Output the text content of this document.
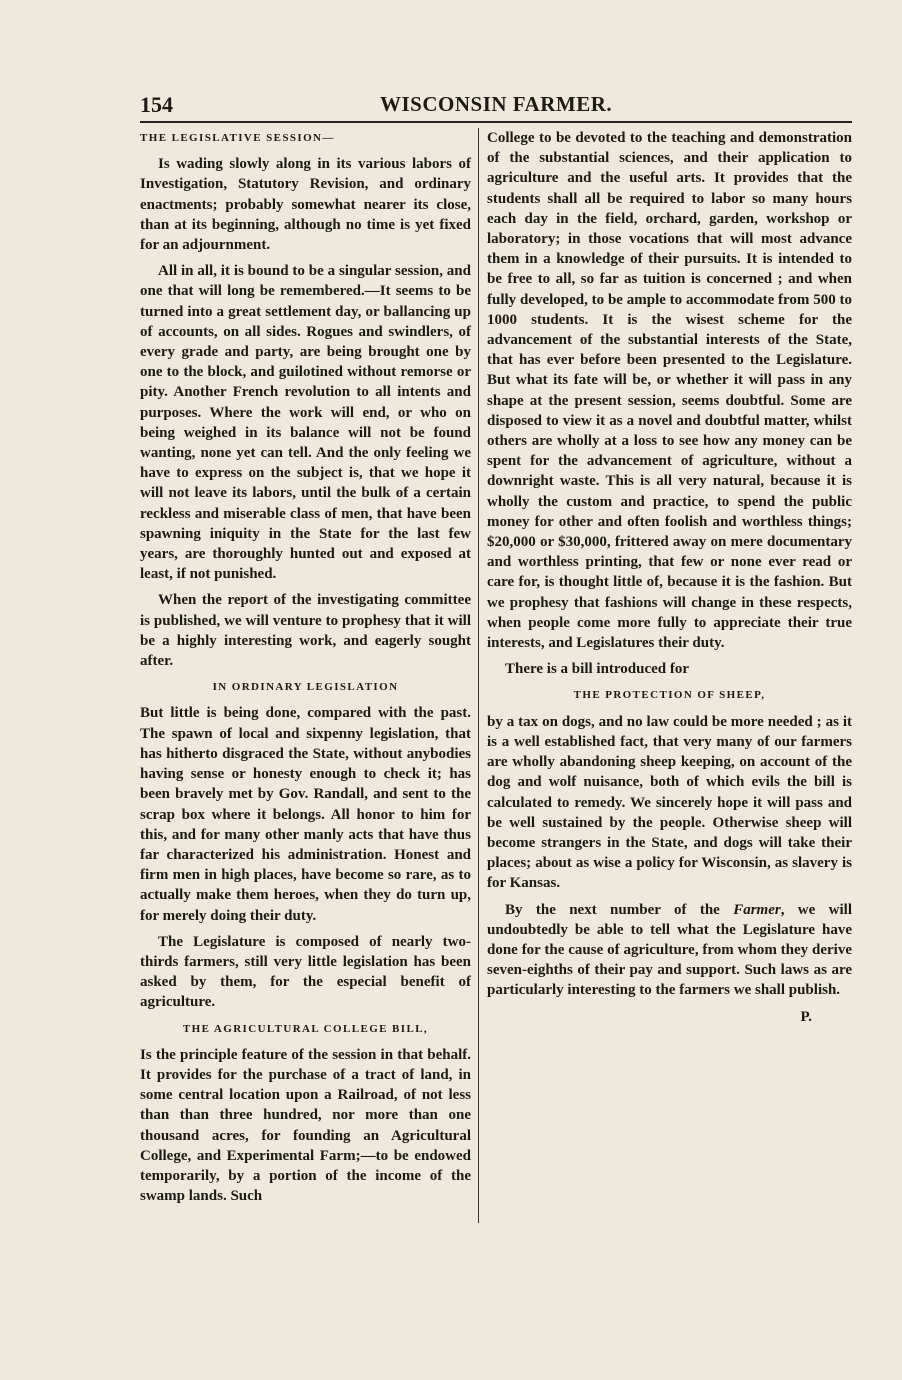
154	WISCONSIN FARMER.
THE LEGISLATIVE SESSION—

Is wading slowly along in its various labors of Investigation, Statutory Revision, and ordinary enactments; probably somewhat nearer its close, than at its beginning, although no time is yet fixed for an adjournment.

All in all, it is bound to be a singular session, and one that will long be remembered.—It seems to be turned into a great settlement day, or ballancing up of accounts, on all sides. Rogues and swindlers, of every grade and party, are being brought one by one to the block, and guilotined without remorse or pity. Another French revolution to all intents and purposes. Where the work will end, or who on being weighed in its balance will not be found wanting, none yet can tell. And the only feeling we have to express on the subject is, that we hope it will not leave its labors, until the bulk of a certain reckless and miserable class of men, that have been spawning iniquity in the State for the last few years, are thoroughly hunted out and exposed at least, if not punished.

When the report of the investigating committee is published, we will venture to prophesy that it will be a highly interesting work, and eagerly sought after.

IN ORDINARY LEGISLATION

But little is being done, compared with the past. The spawn of local and sixpenny legislation, that has hitherto disgraced the State, without anybodies having sense or honesty enough to check it; has been bravely met by Gov. Randall, and sent to the scrap box where it belongs. All honor to him for this, and for many other manly acts that have thus far characterized his administration. Honest and firm men in high places, have become so rare, as to actually make them heroes, when they do turn up, for merely doing their duty.

The Legislature is composed of nearly two-thirds farmers, still very little legislation has been asked by them, for the especial benefit of agriculture.

THE AGRICULTURAL COLLEGE BILL,

Is the principle feature of the session in that behalf. It provides for the purchase of a tract of land, in some central location upon a Railroad, of not less than than three hundred, nor more than one thousand acres, for founding an Agricultural College, and Experimental Farm;—to be endowed temporarily, by a portion of the income of the swamp lands. Such

College to be devoted to the teaching and demonstration of the substantial sciences, and their application to agriculture and the useful arts. It provides that the students shall all be required to labor so many hours each day in the field, orchard, garden, workshop or laboratory; in those vocations that will most advance them in a knowledge of their pursuits. It is intended to be free to all, so far as tuition is concerned ; and when fully developed, to be ample to accommodate from 500 to 1000 students. It is the wisest scheme for the advancement of the substantial interests of the State, that has ever before been presented to the Legislature. But what its fate will be, or whether it will pass in any shape at the present session, seems doubtful. Some are disposed to view it as a novel and doubtful matter, whilst others are wholly at a loss to see how any money can be spent for the advancement of agriculture, without a downright waste. This is all very natural, because it is wholly the custom and practice, to spend the public money for other and often foolish and worthless things; $20,000 or $30,000, frittered away on mere documentary and worthless printing, that few or none ever read or care for, is thought little of, because it is the fashion. But we prophesy that fashions will change in these respects, when people come more fully to appreciate their true interests, and Legislatures their duty.

There is a bill introduced for

THE PROTECTION OF SHEEP,

by a tax on dogs, and no law could be more needed ; as it is a well established fact, that very many of our farmers are wholly abandoning sheep keeping, on account of the dog and wolf nuisance, both of which evils the bill is calculated to remedy. We sincerely hope it will pass and be well sustained by the people. Otherwise sheep will become strangers in the State, and dogs will take their places; about as wise a policy for Wisconsin, as slavery is for Kansas.

By the next number of the Farmer, we will undoubtedly be able to tell what the Legislature have done for the cause of agriculture, from whom they derive seven-eighths of their pay and support. Such laws as are particularly interesting to the farmers we shall publish.

P.
